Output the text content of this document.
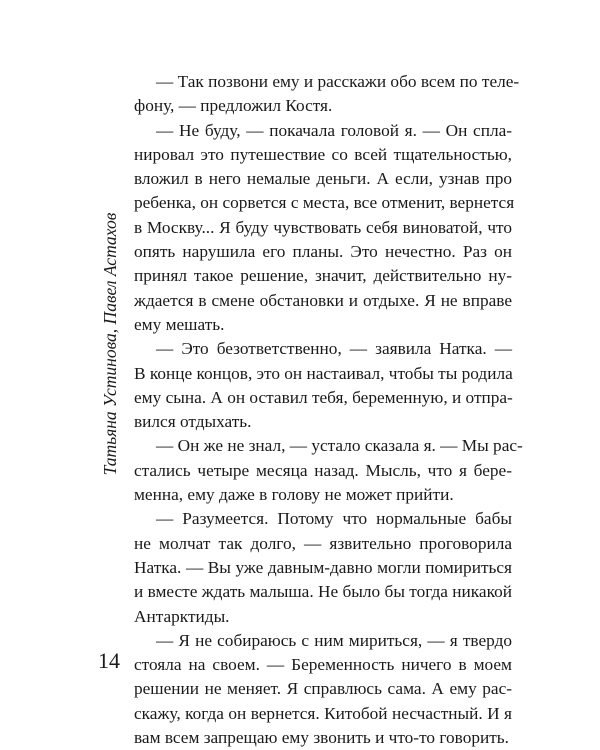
Татьяна Устинова, Павел Астахов
— Так позвони ему и расскажи обо всем по теле-
фону, — предложил Костя.
— Не буду, — покачала головой я. — Он спла-
нировал это путешествие со всей тщательностью,
вложил в него немалые деньги. А если, узнав про
ребенка, он сорвется с места, все отменит, вернется
в Москву... Я буду чувствовать себя виноватой, что
опять нарушила его планы. Это нечестно. Раз он
принял такое решение, значит, действительно ну-
ждается в смене обстановки и отдыхе. Я не вправе
ему мешать.
— Это безответственно, — заявила Натка. —
В конце концов, это он настаивал, чтобы ты родила
ему сына. А он оставил тебя, беременную, и отпра-
вился отдыхать.
— Он же не знал, — устало сказала я. — Мы рас-
стались четыре месяца назад. Мысль, что я бере-
менна, ему даже в голову не может прийти.
— Разумеется. Потому что нормальные бабы
не молчат так долго, — язвительно проговорила
Натка. — Вы уже давным-давно могли помириться
и вместе ждать малыша. Не было бы тогда никакой
Антарктиды.
— Я не собираюсь с ним мириться, — я твердо
стояла на своем. — Беременность ничего в моем
решении не меняет. Я справлюсь сама. А ему рас-
скажу, когда он вернется. Китобой несчастный. И я
вам всем запрещаю ему звонить и что-то говорить.
14
